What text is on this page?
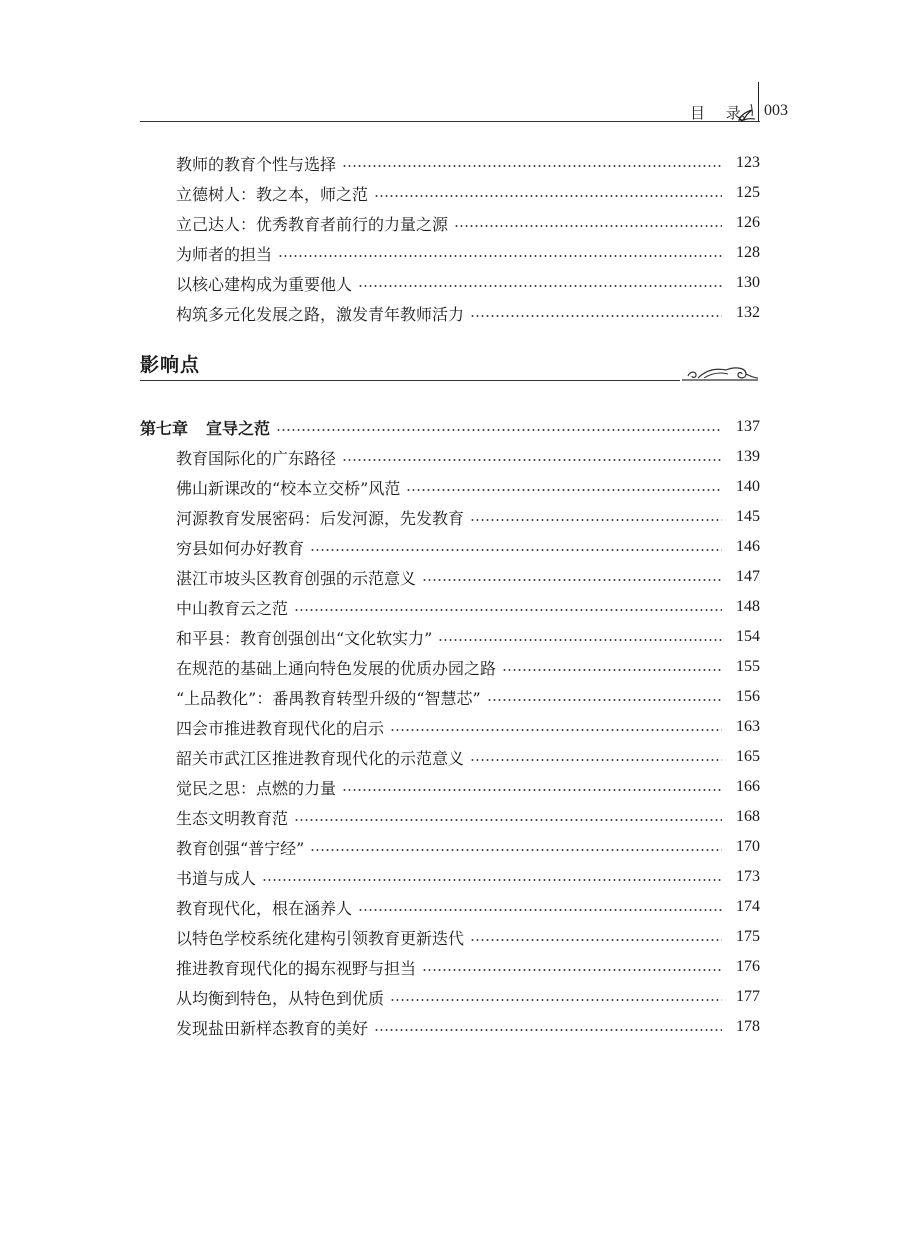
目 录 003
教师的教育个性与选择	123
立德树人：教之本，师之范	125
立己达人：优秀教育者前行的力量之源	126
为师者的担当	128
以核心建构成为重要他人	130
构筑多元化发展之路，激发青年教师活力	132
影响点
第七章 宣导之范	137
教育国际化的广东路径	139
佛山新课改的“校本立交桥”风范	140
河源教育发展密码：后发河源，先发教育	145
穷县如何办好教育	146
湛江市坡头区教育创强的示范意义	147
中山教育云之范	148
和平县：教育创强创出“文化软实力”	154
在规范的基础上通向特色发展的优质办园之路	155
“上品教化”：番禺教育转型升级的“智慧芯”	156
四会市推进教育现代化的启示	163
韶关市武江区推进教育现代化的示范意义	165
觉民之思：点燃的力量	166
生态文明教育范	168
教育创强“普宁经”	170
书道与成人	173
教育现代化，根在涵养人	174
以特色学校系统化建构引领教育更新迭代	175
推进教育现代化的揭东视野与担当	176
从均衡到特色，从特色到优质	177
发现盐田新样态教育的美好	178
